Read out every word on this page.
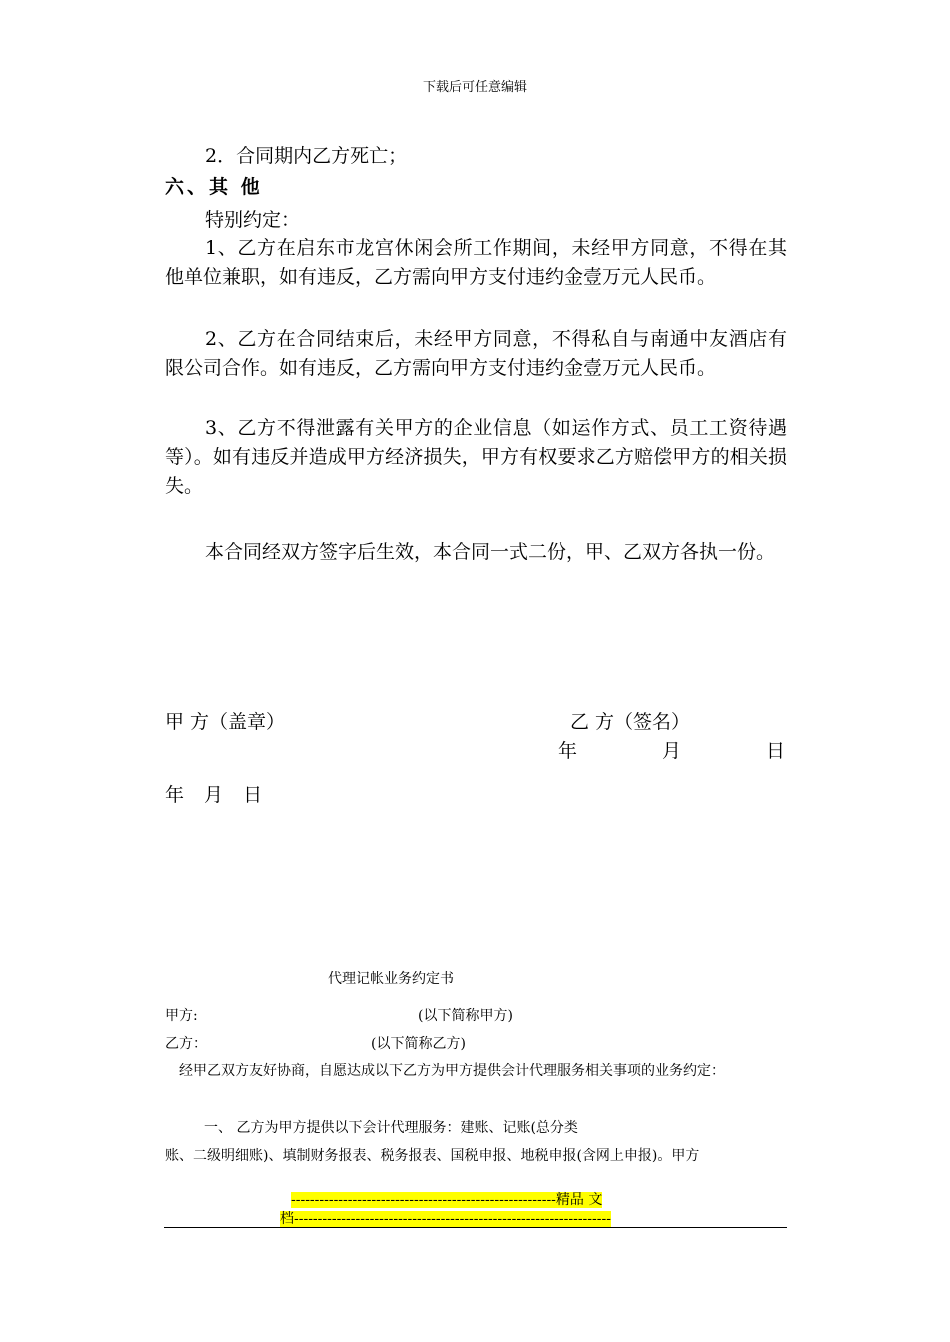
下载后可任意编辑
2．合同期内乙方死亡；
六、其 他
特别约定：
1、乙方在启东市龙宫休闲会所工作期间，未经甲方同意，不得在其他单位兼职，如有违反，乙方需向甲方支付违约金壹万元人民币。
2、乙方在合同结束后，未经甲方同意，不得私自与南通中友酒店有限公司合作。如有违反，乙方需向甲方支付违约金壹万元人民币。
3、乙方不得泄露有关甲方的企业信息（如运作方式、员工工资待遇等）。如有违反并造成甲方经济损失，甲方有权要求乙方赔偿甲方的相关损失。
本合同经双方签字后生效，本合同一式二份，甲、乙双方各执一份。
甲 方（盖章）	乙 方（签名）
年	月	日
年 月 日
代理记帐业务约定书
甲方:	(以下简称甲方)
乙方：	(以下简称乙方)
经甲乙双方友好协商，自愿达成以下乙方为甲方提供会计代理服务相关事项的业务约定：
一、 乙方为甲方提供以下会计代理服务：建账、记账(总分类
账、二级明细账)、填制财务报表、税务报表、国税申报、地税申报(含网上申报)。甲方
--------------------------------------------------------精品 文
档-------------------------------------------------------------------
